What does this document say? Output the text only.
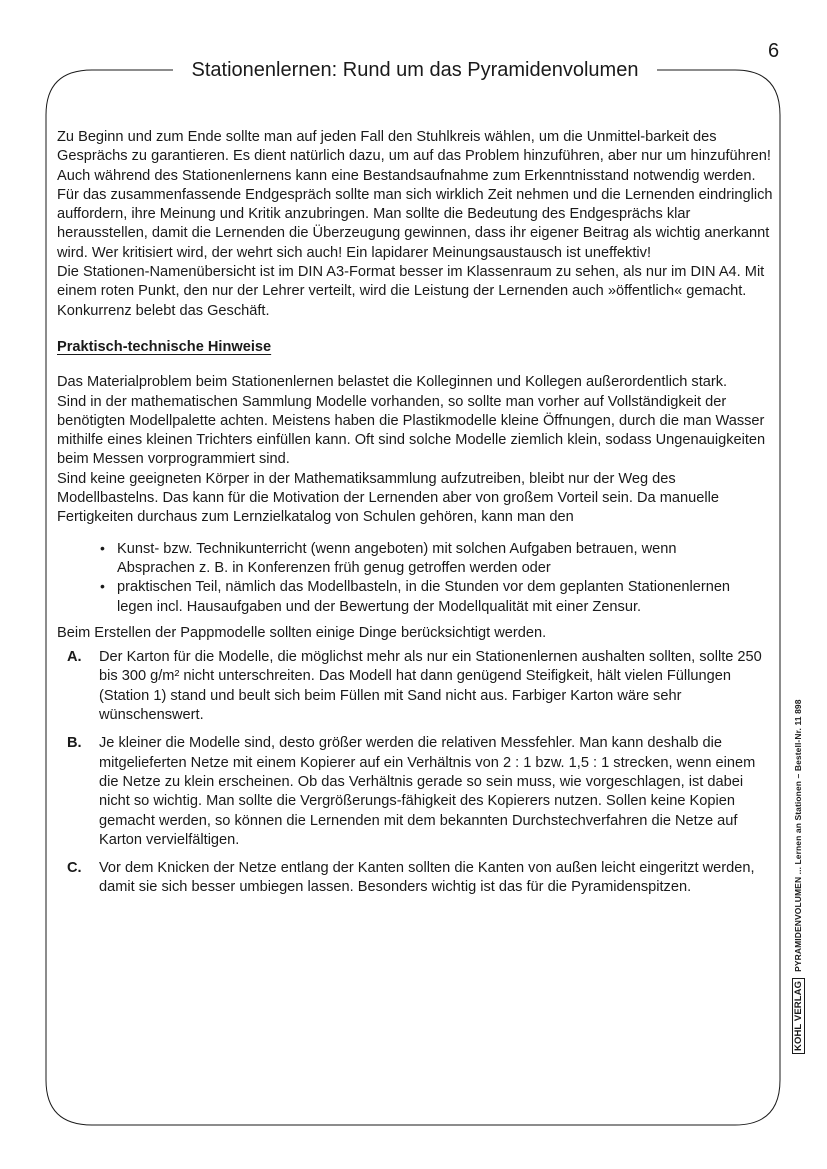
6
Stationenlernen: Rund um das Pyramidenvolumen

Zu Beginn und zum Ende sollte man auf jeden Fall den Stuhlkreis wählen, um die Unmittel-barkeit des Gesprächs zu garantieren. Es dient natürlich dazu, um auf das Problem hinzuführen, aber nur um hinzuführen! Auch während des Stationenlernens kann eine Bestandsaufnahme zum Erkenntnisstand notwendig werden.

Für das zusammenfassende Endgespräch sollte man sich wirklich Zeit nehmen und die Lernenden eindringlich auffordern, ihre Meinung und Kritik anzubringen. Man sollte die Bedeutung des Endgesprächs klar herausstellen, damit die Lernenden die Überzeugung gewinnen, dass ihr eigener Beitrag als wichtig anerkannt wird. Wer kritisiert wird, der wehrt sich auch! Ein lapidarer Meinungsaustausch ist uneffektiv!

Die Stationen-Namenübersicht ist im DIN A3-Format besser im Klassenraum zu sehen, als nur im DIN A4. Mit einem roten Punkt, den nur der Lehrer verteilt, wird die Leistung der Lernenden auch »öffentlich« gemacht. Konkurrenz belebt das Geschäft.

Praktisch-technische Hinweise

Das Materialproblem beim Stationenlernen belastet die Kolleginnen und Kollegen außerordentlich stark.

Sind in der mathematischen Sammlung Modelle vorhanden, so sollte man vorher auf Vollständigkeit der benötigten Modellpalette achten. Meistens haben die Plastikmodelle kleine Öffnungen, durch die man Wasser mithilfe eines kleinen Trichters einfüllen kann. Oft sind solche Modelle ziemlich klein, sodass Ungenauigkeiten beim Messen vorprogrammiert sind.

Sind keine geeigneten Körper in der Mathematiksammlung aufzutreiben, bleibt nur der Weg des Modellbastelns. Das kann für die Motivation der Lernenden aber von großem Vorteil sein. Da manuelle Fertigkeiten durchaus zum Lernzielkatalog von Schulen gehören, kann man den

• Kunst- bzw. Technikunterricht (wenn angeboten) mit solchen Aufgaben betrauen, wenn Absprachen z. B. in Konferenzen früh genug getroffen werden oder
• praktischen Teil, nämlich das Modellbasteln, in die Stunden vor dem geplanten Stationenlernen legen incl. Hausaufgaben und der Bewertung der Modellqualität mit einer Zensur.

Beim Erstellen der Pappmodelle sollten einige Dinge berücksichtigt werden.

A. Der Karton für die Modelle, die möglichst mehr als nur ein Stationenlernen aushalten sollten, sollte 250 bis 300 g/m² nicht unterschreiten. Das Modell hat dann genügend Steifigkeit, hält vielen Füllungen (Station 1) stand und beult sich beim Füllen mit Sand nicht aus. Farbiger Karton wäre sehr wünschenswert.
B. Je kleiner die Modelle sind, desto größer werden die relativen Messfehler. Man kann deshalb die mitgelieferten Netze mit einem Kopierer auf ein Verhältnis von 2 : 1 bzw. 1,5 : 1 strecken, wenn einem die Netze zu klein erscheinen. Ob das Verhältnis gerade so sein muss, wie vorgeschlagen, ist dabei nicht so wichtig. Man sollte die Vergrößerungs-fähigkeit des Kopierers nutzen. Sollen keine Kopien gemacht werden, so können die Lernenden mit dem bekannten Durchstechverfahren die Netze auf Karton vervielfältigen.
C. Vor dem Knicken der Netze entlang der Kanten sollten die Kanten von außen leicht eingeritzt werden, damit sie sich besser umbiegen lassen. Besonders wichtig ist das für die Pyramidenspitzen.
KOHL VERLAGPYRAMIDENVOLUMEN ... Lernen an Stationen – Bestell-Nr. 11 898
